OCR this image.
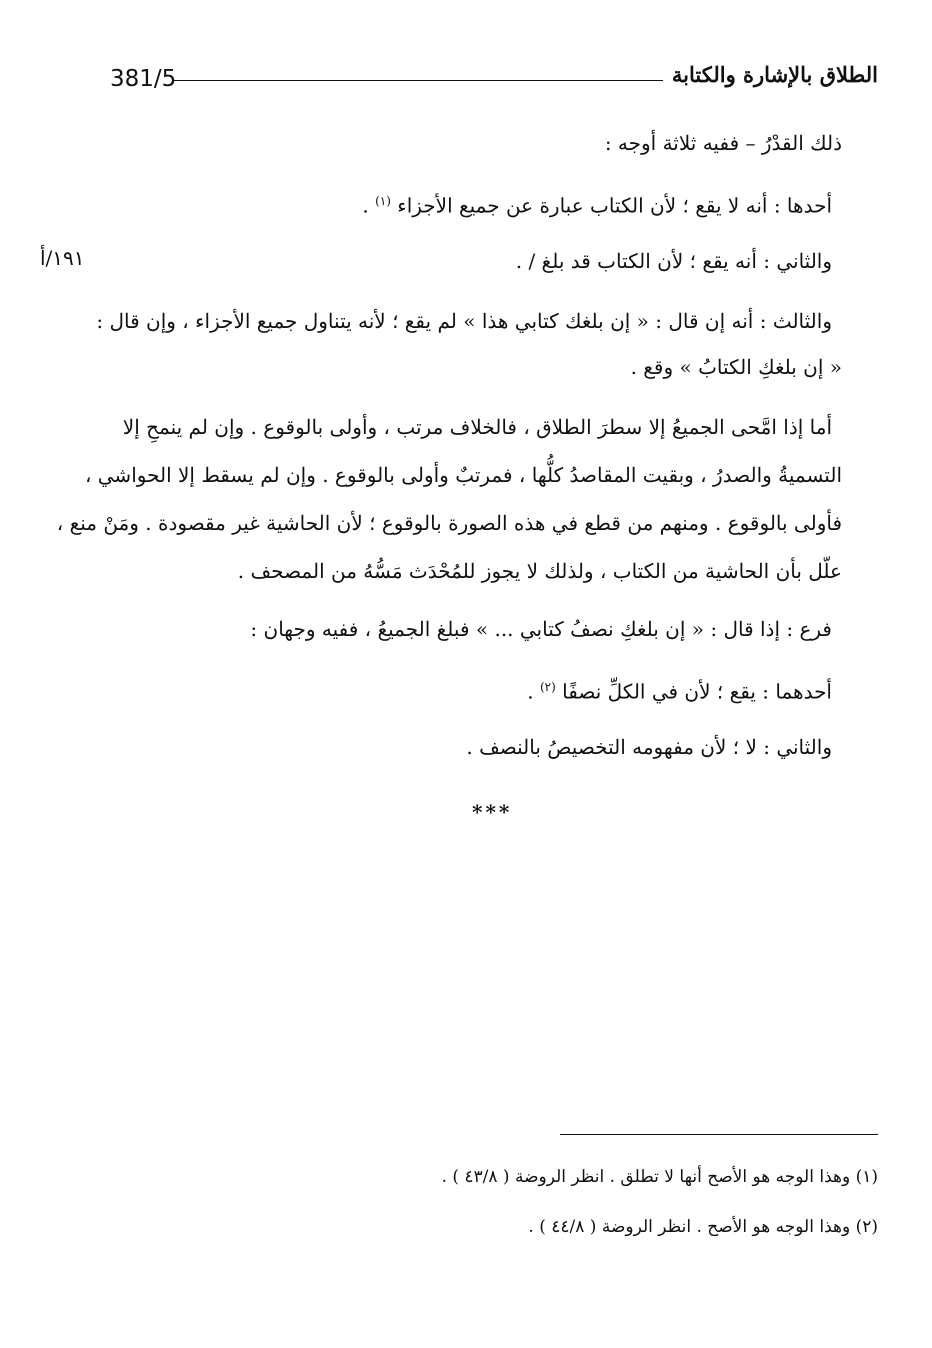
الطلاق بالإشارة والكتابة
381/5
١٩١/أ
ذلك القدْرُ – ففيه ثلاثة أوجه :
أحدها : أنه لا يقع ؛ لأن الكتاب عبارة عن جميع الأجزاء $^{(١)}$ .
والثاني : أنه يقع ؛ لأن الكتاب قد بلغ / .
والثالث : أنه إن قال : « إن بلغك كتابي هذا » لم يقع ؛ لأنه يتناول جميع الأجزاء ، وإن قال :
« إن بلغكِ الكتابُ » وقع .
أما إذا امَّحى الجميعُ إلا سطرَ الطلاق ، فالخلاف مرتب ، وأولى بالوقوع . وإن لم ينمحِ إلا
التسميةُ والصدرُ ، وبقيت المقاصدُ كلُّها ، فمرتبٌ وأولى بالوقوع . وإن لم يسقط إلا الحواشي ،
فأولى بالوقوع . ومنهم من قطع في هذه الصورة بالوقوع ؛ لأن الحاشية غير مقصودة . ومَنْ منع ،
علّل بأن الحاشية من الكتاب ، ولذلك لا يجوز للمُحْدَث مَسُّهُ من المصحف .
فرع : إذا قال : « إن بلغكِ نصفُ كتابي ... » فبلغ الجميعُ ، ففيه وجهان :
أحدهما : يقع ؛ لأن في الكلِّ نصفًا $^{(٢)}$ .
والثاني : لا ؛ لأن مفهومه التخصيصُ بالنصف .
***
(١) وهذا الوجه هو الأصح أنها لا تطلق . انظر الروضة ( ٤٣/٨ ) .
(٢) وهذا الوجه هو الأصح . انظر الروضة ( ٤٤/٨ ) .
